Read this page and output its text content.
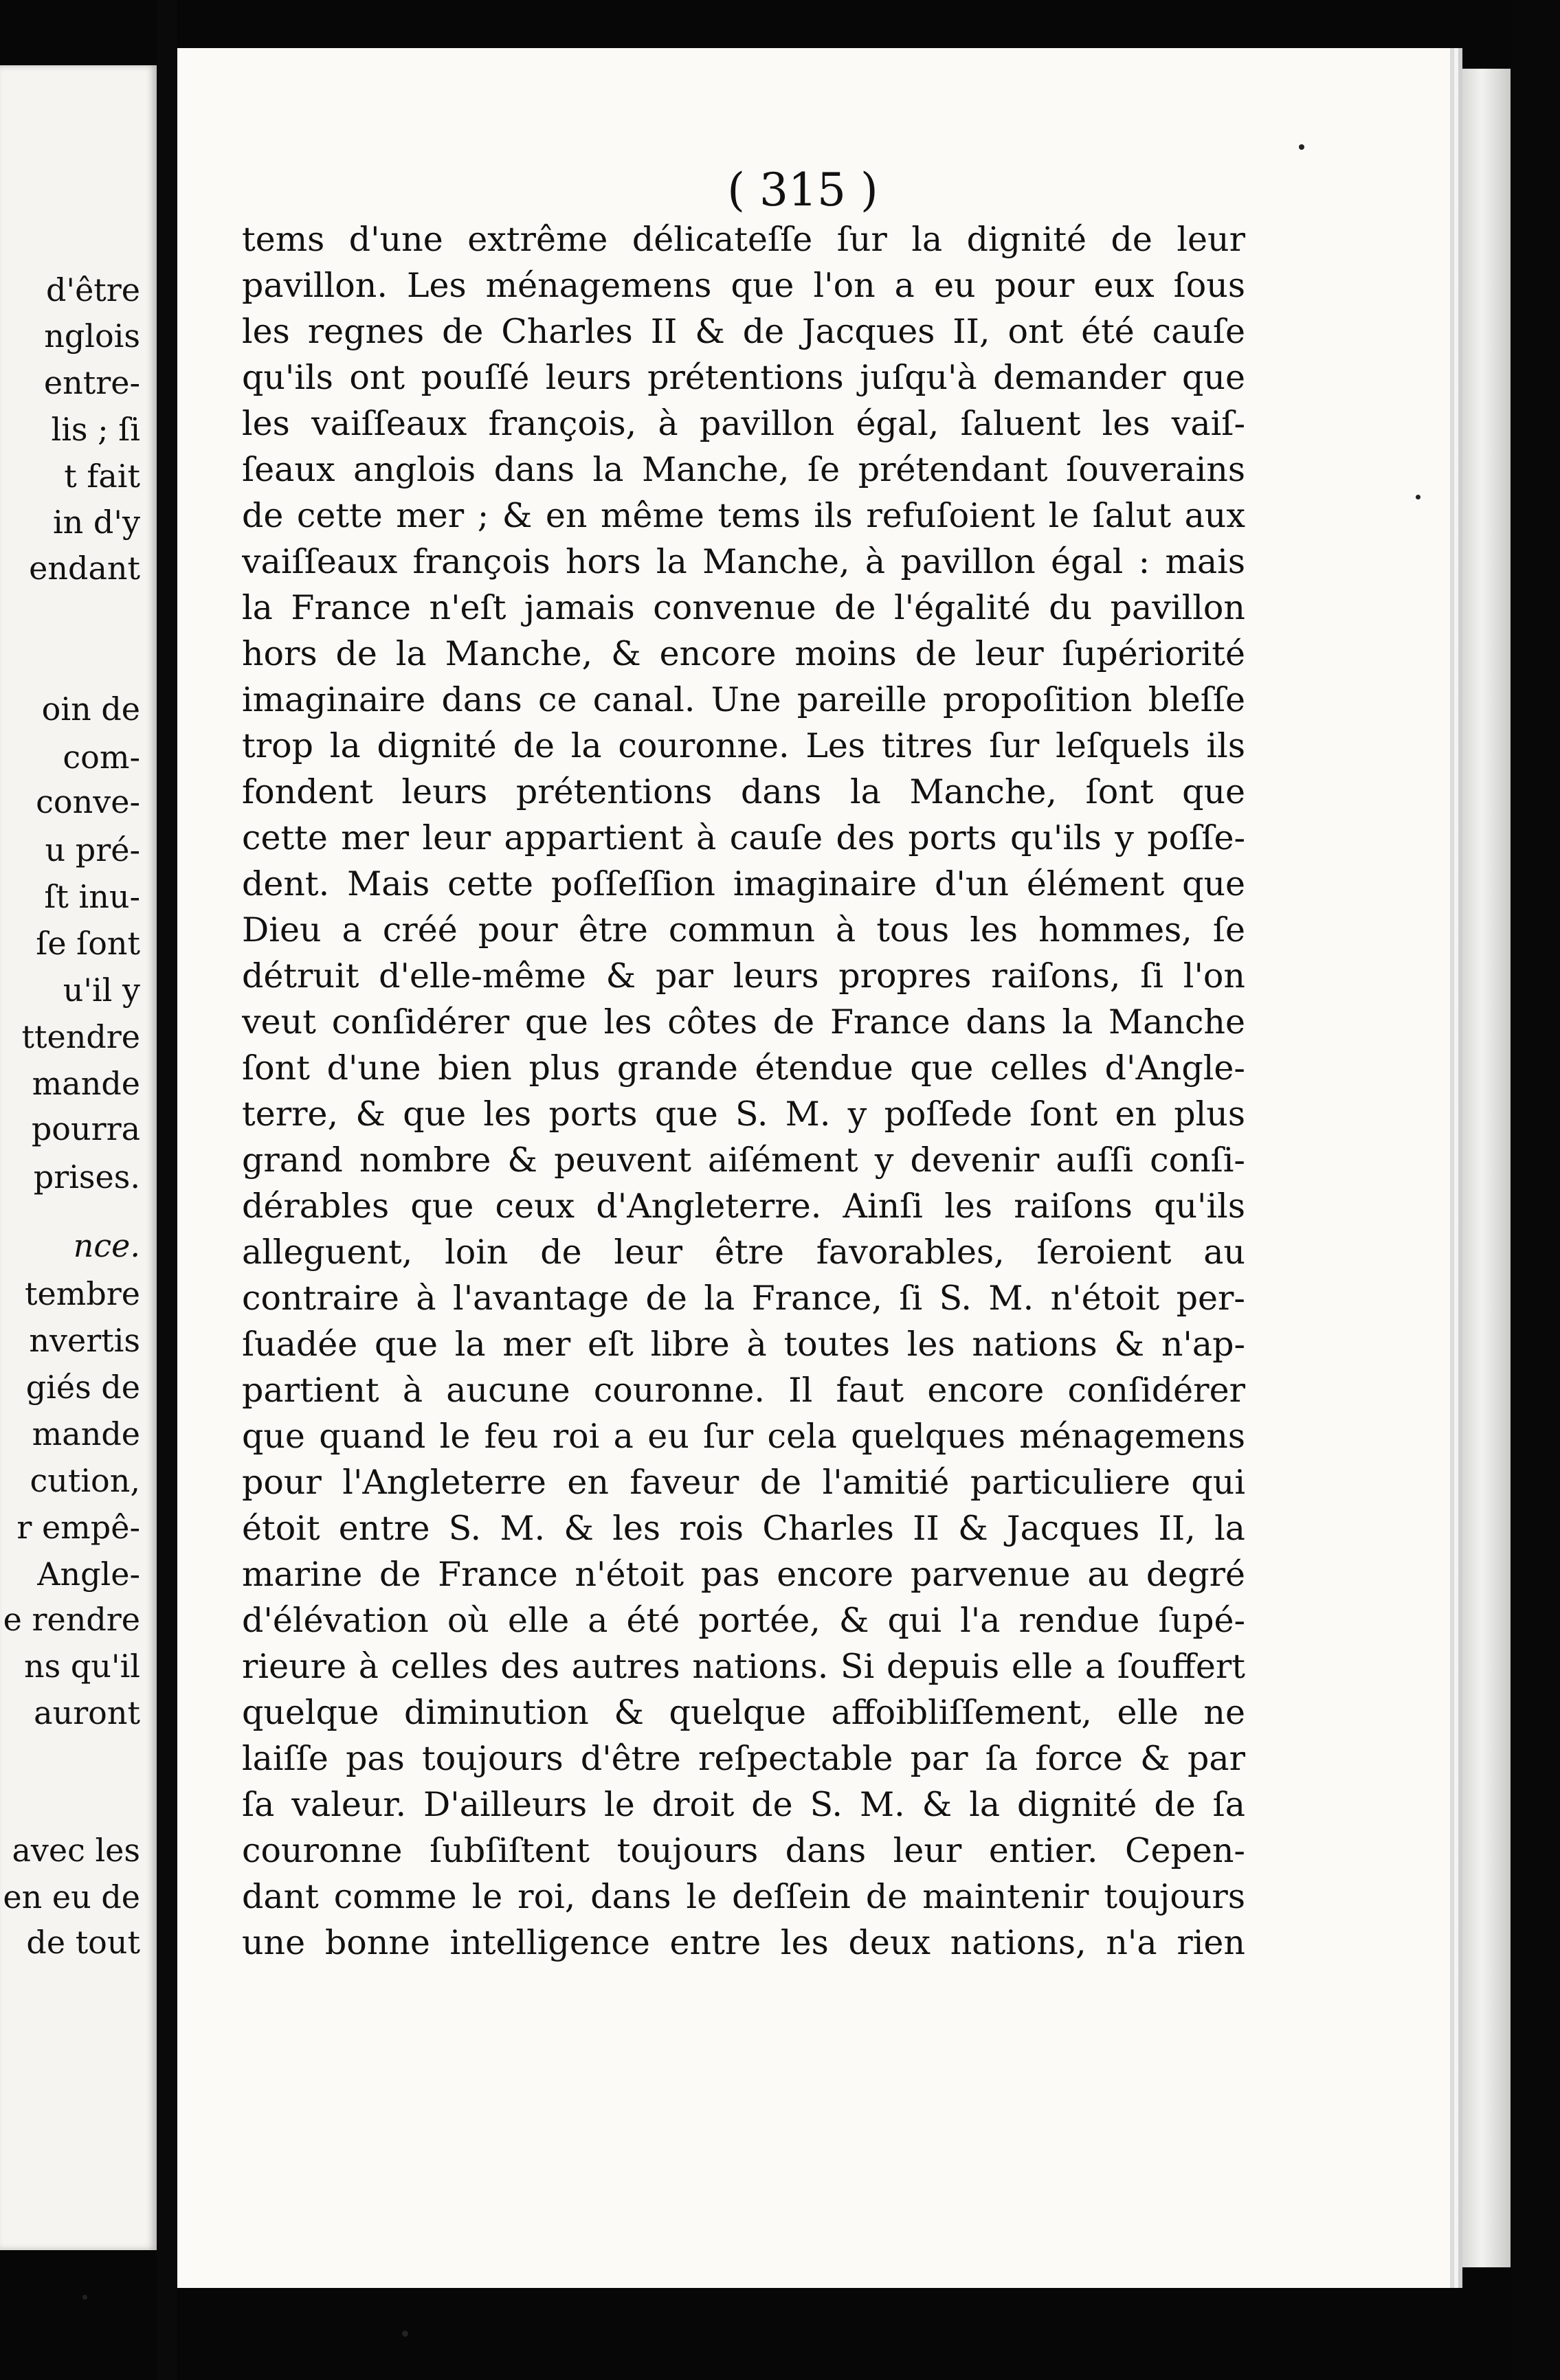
d'être
nglois
entre-
lis ; ſi
t fait
in d'y
endant
oin de
com-
conve-
u pré-
ſt inu-
ſe ſont
u'il y
ttendre
mande
pourra
prises.
nce.
tembre
nvertis
giés de
mande
cution,
r empê-
Angle-
e rendre
ns qu'il
auront
avec les
en eu de
de tout
( 315 )
tems d'une extrême délicateſſe ſur la dignité de leur
pavillon. Les ménagemens que l'on a eu pour eux ſous
les regnes de Charles II & de Jacques II, ont été cauſe
qu'ils ont pouſſé leurs prétentions juſqu'à demander que
les vaiſſeaux françois, à pavillon égal, ſaluent les vaiſ-
ſeaux anglois dans la Manche, ſe prétendant ſouverains
de cette mer ; & en même tems ils refuſoient le ſalut aux
vaiſſeaux françois hors la Manche, à pavillon égal : mais
la France n'eſt jamais convenue de l'égalité du pavillon
hors de la Manche, & encore moins de leur ſupériorité
imaginaire dans ce canal. Une pareille propoſition bleſſe
trop la dignité de la couronne. Les titres ſur leſquels ils
fondent leurs prétentions dans la Manche, ſont que
cette mer leur appartient à cauſe des ports qu'ils y poſſe-
dent. Mais cette poſſeſſion imaginaire d'un élément que
Dieu a créé pour être commun à tous les hommes, ſe
détruit d'elle-même & par leurs propres raiſons, ſi l'on
veut conſidérer que les côtes de France dans la Manche
ſont d'une bien plus grande étendue que celles d'Angle-
terre, & que les ports que S. M. y poſſede ſont en plus
grand nombre & peuvent aiſément y devenir auſſi conſi-
dérables que ceux d'Angleterre. Ainſi les raiſons qu'ils
alleguent, loin de leur être favorables, ſeroient au
contraire à l'avantage de la France, ſi S. M. n'étoit per-
ſuadée que la mer eſt libre à toutes les nations & n'ap-
partient à aucune couronne. Il faut encore conſidérer
que quand le feu roi a eu ſur cela quelques ménagemens
pour l'Angleterre en faveur de l'amitié particuliere qui
étoit entre S. M. & les rois Charles II & Jacques II, la
marine de France n'étoit pas encore parvenue au degré
d'élévation où elle a été portée, & qui l'a rendue ſupé-
rieure à celles des autres nations. Si depuis elle a ſouffert
quelque diminution & quelque affoibliſſement, elle ne
laiſſe pas toujours d'être reſpectable par ſa force & par
ſa valeur. D'ailleurs le droit de S. M. & la dignité de ſa
couronne ſubſiſtent toujours dans leur entier. Cepen-
dant comme le roi, dans le deſſein de maintenir toujours
une bonne intelligence entre les deux nations, n'a rien
